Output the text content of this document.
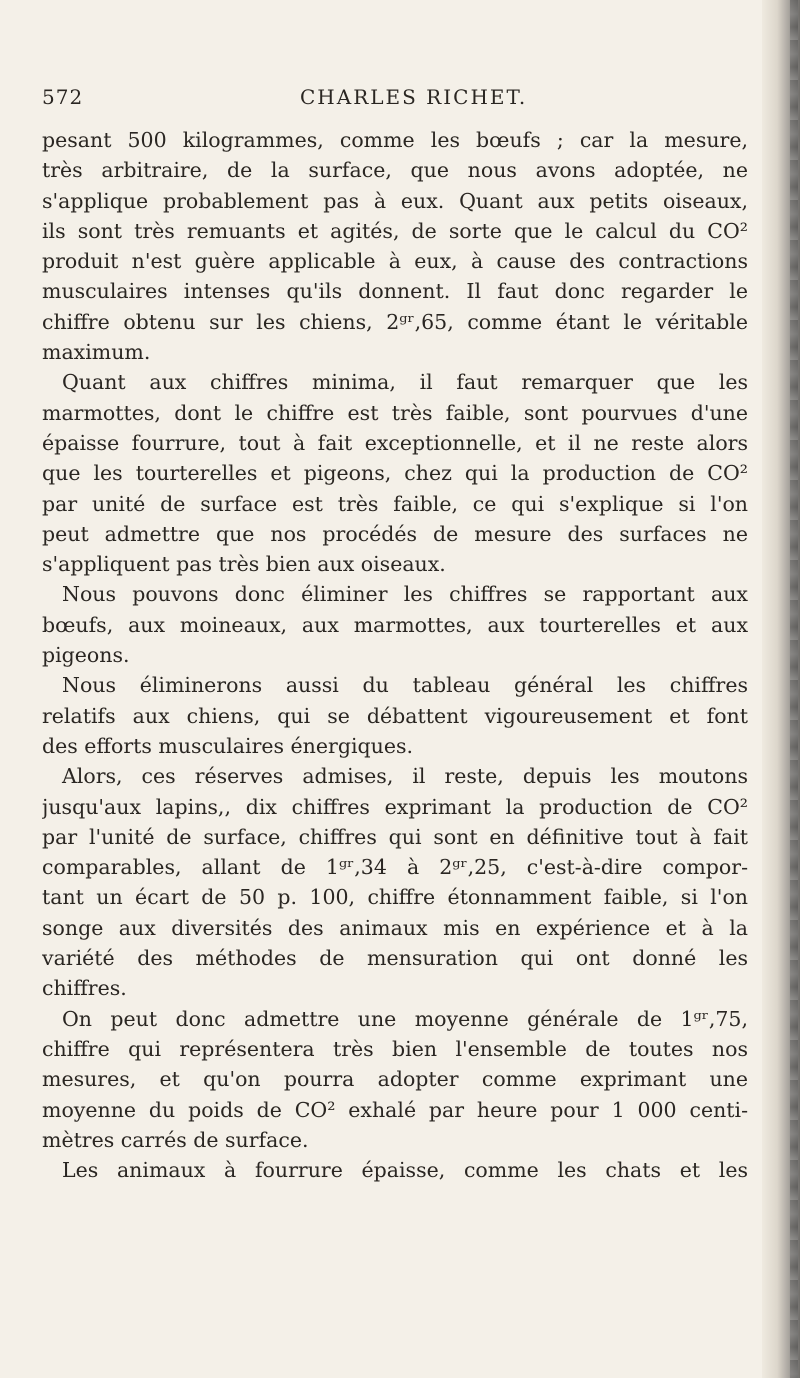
572	CHARLES RICHET.
pesant 500 kilogrammes, comme les bœufs ; car la mesure,
très arbitraire, de la surface, que nous avons adoptée, ne
s'applique probablement pas à eux. Quant aux petits oiseaux,
ils sont très remuants et agités, de sorte que le calcul du CO²
produit n'est guère applicable à eux, à cause des contractions
musculaires intenses qu'ils donnent. Il faut donc regarder le
chiffre obtenu sur les chiens, 2ᵍʳ,65, comme étant le véritable
maximum.
Quant aux chiffres minima, il faut remarquer que les
marmottes, dont le chiffre est très faible, sont pourvues d'une
épaisse fourrure, tout à fait exceptionnelle, et il ne reste alors
que les tourterelles et pigeons, chez qui la production de CO²
par unité de surface est très faible, ce qui s'explique si l'on
peut admettre que nos procédés de mesure des surfaces ne
s'appliquent pas très bien aux oiseaux.
Nous pouvons donc éliminer les chiffres se rapportant aux
bœufs, aux moineaux, aux marmottes, aux tourterelles et aux
pigeons.
Nous éliminerons aussi du tableau général les chiffres
relatifs aux chiens, qui se débattent vigoureusement et font
des efforts musculaires énergiques.
Alors, ces réserves admises, il reste, depuis les moutons
jusqu'aux lapins,, dix chiffres exprimant la production de CO²
par l'unité de surface, chiffres qui sont en définitive tout à fait
comparables, allant de 1ᵍʳ,34 à 2ᵍʳ,25, c'est-à-dire compor-
tant un écart de 50 p. 100, chiffre étonnamment faible, si l'on
songe aux diversités des animaux mis en expérience et à la
variété des méthodes de mensuration qui ont donné les
chiffres.
On peut donc admettre une moyenne générale de 1ᵍʳ,75,
chiffre qui représentera très bien l'ensemble de toutes nos
mesures, et qu'on pourra adopter comme exprimant une
moyenne du poids de CO² exhalé par heure pour 1 000 centi-
mètres carrés de surface.
Les animaux à fourrure épaisse, comme les chats et les
